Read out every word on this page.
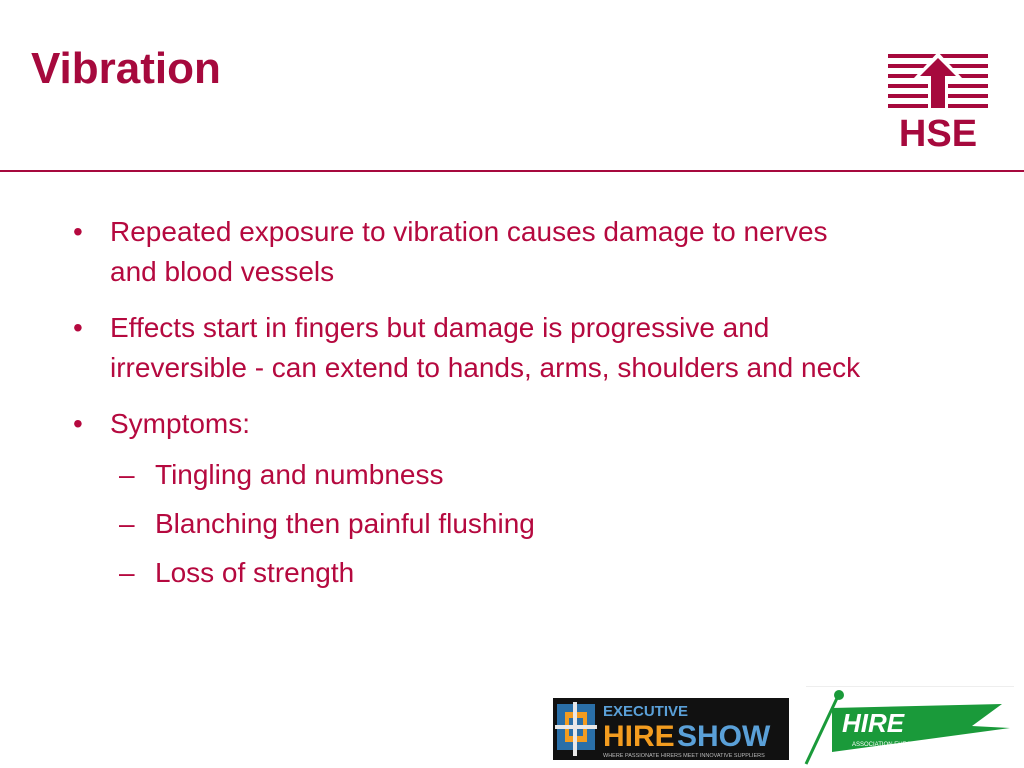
Vibration
HSE
• Repeated exposure to vibration causes damage to nerves and blood vessels
• Effects start in fingers but damage is progressive and irreversible - can extend to hands, arms, shoulders and neck
• Symptoms:
– Tingling and numbness
– Blanching then painful flushing
– Loss of strength
EXECUTIVE
HIRE SHOW
WHERE PASSIONATE HIRERS MEET INNOVATIVE SUPPLIERS
HIRE
ASSOCIATION EUROPE
